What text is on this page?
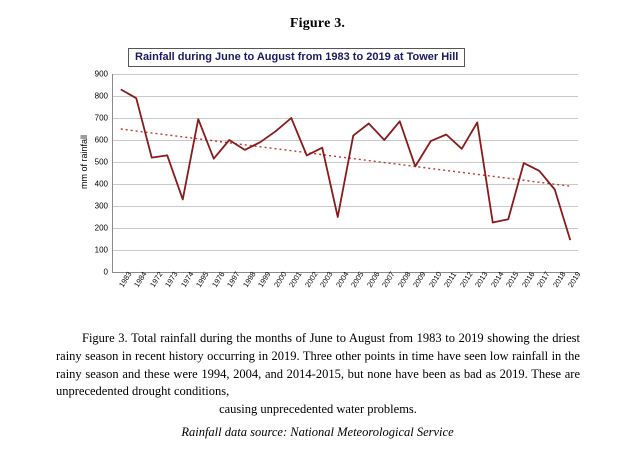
Figure 3.
Rainfall during June to August from 1983 to 2019 at Tower Hill
mm of rainfall
0
100
200
300
400
500
600
700
800
900
1983 1984 1972 1973 1974 1995 1976 1997 1998 1999 2000 2001 2002 2003 2004 2005 2006 2007 2008 2009 2010 2011 2012 2013 2014 2015 2016 2017 2018 2019

Figure 3. Total rainfall during the months of June to August from 1983 to 2019 showing the driest rainy season in recent history occurring in 2019. Three other points in time have seen low rainfall in the rainy season and these were 1994, 2004, and 2014-2015, but none have been as bad as 2019. These are unprecedented drought conditions,

causing unprecedented water problems.

Rainfall data source: National Meteorological Service
